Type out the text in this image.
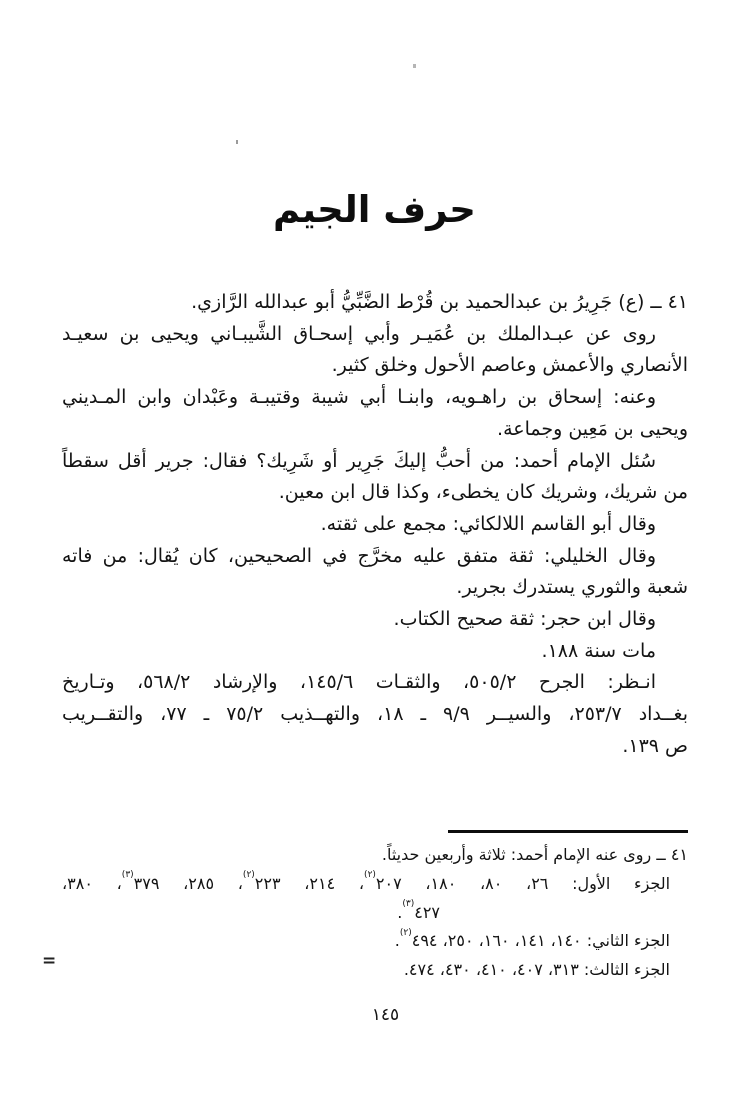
حرف الجيم
٤١ ــ (ع) جَرِيرُ بن عبدالحميد بن قُرْط الضَّبِّيُّ أبو عبدالله الرَّازي.
روى عن عبـدالملك بن عُمَيـر وأبي إسحـاق الشَّيبـاني ويحيى بن سعيـد
الأنصاري والأعمش وعاصم الأحول وخلق كثير.
وعنه: إسحاق بن راهـويه، وابنـا أبي شيبة وقتيبـة وعَبْدان وابن المـديني
ويحيى بن مَعِين وجماعة.
سُئل الإمام أحمد: من أحبُّ إليكَ جَرِير أو شَرِيك؟ فقال: جرير أقل سقطاً
من شريك، وشريك كان يخطىء، وكذا قال ابن معين.
وقال أبو القاسم اللالكائي: مجمع على ثقته.
وقال الخليلي: ثقة متفق عليه مخرَّج في الصحيحين، كان يُقال: من فاته
شعبة والثوري يستدرك بجرير.
وقال ابن حجر: ثقة صحيح الكتاب.
مات سنة ١٨٨.
انـظر: الجرح ٥٠٥/٢، والثقـات ١٤٥/٦، والإرشاد ٥٦٨/٢، وتـاريخ
بغــداد ٢٥٣/٧، والسيــر ٩/٩ ـ ١٨، والتهــذيب ٧٥/٢ ـ ٧٧، والتقــريب
ص ١٣٩.
٤١ ــ روى عنه الإمام أحمد: ثلاثة وأربعين حديثاً.
الجزء الأول: ٢٦، ٨٠، ١٨٠، ٢٠٧$^{(٢)}$، ٢١٤، ٢٢٣$^{(٢)}$، ٢٨٥، ٣٧٩$^{(٣)}$، ٣٨٠،
٤٢٧$^{(٣)}$.
الجزء الثاني: ١٤٠، ١٤١، ١٦٠، ٢٥٠، ٤٩٤$^{(٢)}$.
الجزء الثالث: ٣١٣، ٤٠٧، ٤١٠، ٤٣٠، ٤٧٤.
=
١٤٥
